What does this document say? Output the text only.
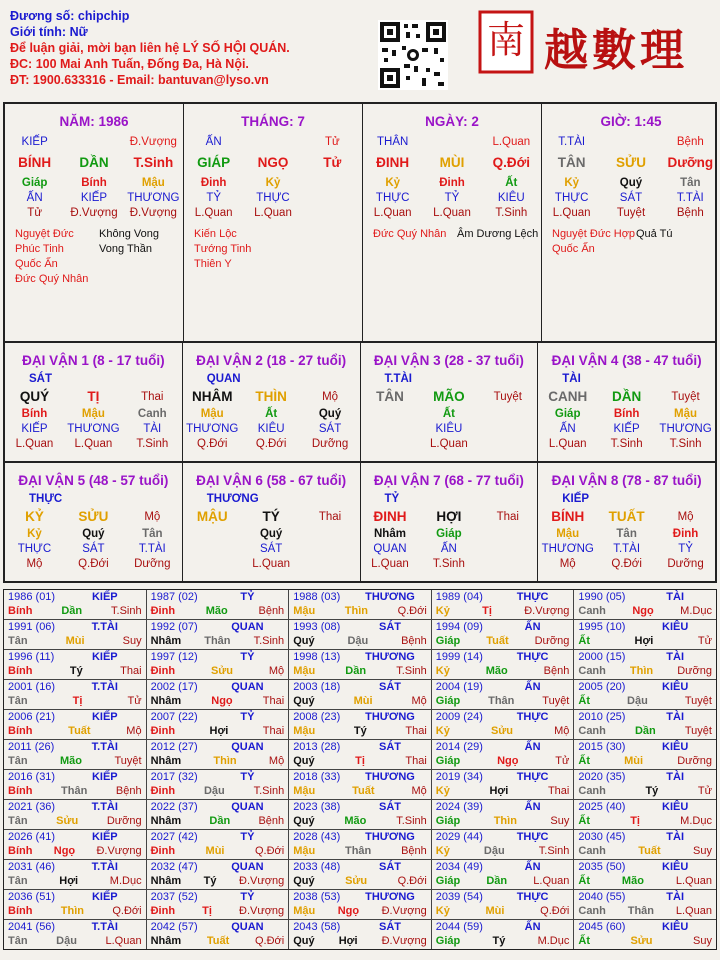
Đương số: chipchip
Giới tính: Nữ
Để luận giải, mời bạn liên hệ LÝ SỐ HỘI QUÁN.
ĐC: 100 Mai Anh Tuấn, Đống Đa, Hà Nội.
ĐT: 1900.633316 - Email: bantuvan@lyso.vn
南 越數理
NĂM: 1986
KIẾP	Đ.Vượng
BÍNH	DẦN	T.Sinh
Giáp	Bính	Mậu
ẤN	KIẾP	THƯƠNG
Tử	Đ.Vượng	Đ.Vượng
Nguyệt Đức	Không Vong
Phúc Tinh	Vong Thần
Quốc Ấn
Đức Quý Nhân
THÁNG: 7
ẤN	Tử
GIÁP	NGỌ	Tử
Đinh	Kỷ
TỶ	THỰC
L.Quan	L.Quan
Kiến Lộc
Tướng Tinh
Thiên Y
NGÀY: 2
THÂN	L.Quan
ĐINH	MÙI	Q.Đới
Kỷ	Đinh	Ất
THỰC	TỶ	KIÊU
L.Quan	L.Quan	T.Sinh
Đức Quý Nhân Âm Dương Lệch
GIỜ: 1:45
T.TÀI	Bệnh
TÂN	SỬU	Dưỡng
Kỷ	Quý	Tân
THỰC	SÁT	T.TÀI
L.Quan	Tuyệt	Bệnh
Nguyệt Đức Hợp Quả Tú
Quốc Ấn
ĐẠI VẬN 1 (8 - 17 tuổi)
SÁT
QUÝ	TỊ	Thai
Bính	Mậu	Canh
KIẾP	THƯƠNG	TÀI
L.Quan	L.Quan	T.Sinh
ĐẠI VẬN 2 (18 - 27 tuổi)
QUAN
NHÂM	THÌN	Mộ
Mậu	Ất	Quý
THƯƠNG	KIÊU	SÁT
Q.Đới	Q.Đới	Dưỡng
ĐẠI VẬN 3 (28 - 37 tuổi)
T.TÀI
TÂN	MÃO	Tuyệt
Ất
KIÊU
L.Quan
ĐẠI VẬN 4 (38 - 47 tuổi)
TÀI
CANH	DẦN	Tuyệt
Giáp	Bính	Mậu
ẤN	KIẾP	THƯƠNG
L.Quan	T.Sinh	T.Sinh
ĐẠI VẬN 5 (48 - 57 tuổi)
THỰC
KỶ	SỬU	Mộ
Kỷ	Quý	Tân
THỰC	SÁT	T.TÀI
Mộ	Q.Đới	Dưỡng
ĐẠI VẬN 6 (58 - 67 tuổi)
THƯƠNG
MẬU	TÝ	Thai
Quý
SÁT
L.Quan
ĐẠI VẬN 7 (68 - 77 tuổi)
TỶ
ĐINH	HỢI	Thai
Nhâm	Giáp
QUAN	ẤN
L.Quan	T.Sinh
ĐẠI VẬN 8 (78 - 87 tuổi)
KIẾP
BÍNH	TUẤT	Mộ
Mậu	Tân	Đinh
THƯƠNG	T.TÀI	TỶ
Mộ	Q.Đới	Dưỡng
1986 (01)	KIẾP
Bính	Dần	T.Sinh
1987 (02)	TỶ
Đinh	Mão	Bệnh
1988 (03)	THƯƠNG
Mậu	Thìn	Q.Đới
1989 (04)	THỰC
Kỷ	Tị	Đ.Vượng
1990 (05)	TÀI
Canh Ngọ M.Dục
1991 (06)	T.TÀI
Tân	Mùi	Suy
1992 (07)	QUAN
Nhâm Thân T.Sinh
1993 (08)	SÁT
Quý	Dậu	Bệnh
1994 (09)	ẤN
Giáp Tuất Dưỡng
1995 (10)	KIÊU
Ất	Hợi	Tử
1996 (11)	KIẾP
Bính	Tý	Thai
1997 (12)	TỶ
Đinh	Sửu	Mộ
1998 (13)	THƯƠNG
Mậu	Dần	T.Sinh
1999 (14)	THỰC
Kỷ	Mão	Bệnh
2000 (15)	TÀI
Canh Thìn Dưỡng
2001 (16)	T.TÀI
Tân	Tị	Tử
2002 (17)	QUAN
Nhâm	Ngọ	Thai
2003 (18)	SÁT
Quý	Mùi	Mộ
2004 (19)	ẤN
Giáp	Thân	Tuyệt
2005 (20)	KIÊU
Ất	Dậu	Tuyệt
2006 (21)	KIẾP
Bính	Tuất	Mộ
2007 (22)	TỶ
Đinh	Hợi	Thai
2008 (23)	THƯƠNG
Mậu	Tý	Thai
2009 (24)	THỰC
Kỷ	Sửu	Mộ
2010 (25)	TÀI
Canh	Dần	Tuyệt
2011 (26)	T.TÀI
Tân	Mão	Tuyệt
2012 (27)	QUAN
Nhâm	Thìn	Mộ
2013 (28)	SÁT
Quý	Tị	Thai
2014 (29)	ẤN
Giáp	Ngọ	Tử
2015 (30)	KIÊU
Ất	Mùi	Dưỡng
2016 (31)	KIẾP
Bính	Thân	Bệnh
2017 (32)	TỶ
Đinh	Dậu	T.Sinh
2018 (33)	THƯƠNG
Mậu	Tuất	Mộ
2019 (34)	THỰC
Kỷ	Hợi	Thai
2020 (35)	TÀI
Canh	Tý	Tử
2021 (36)	T.TÀI
Tân	Sửu	Dưỡng
2022 (37)	QUAN
Nhâm	Dần	Bệnh
2023 (38)	SÁT
Quý	Mão	T.Sinh
2024 (39)	ẤN
Giáp	Thìn	Suy
2025 (40)	KIÊU
Ất	Tị	M.Dục
2026 (41)	KIẾP
Bính Ngọ Đ.Vượng
2027 (42)	TỶ
Đinh	Mùi	Q.Đới
2028 (43)	THƯƠNG
Mậu	Thân	Bệnh
2029 (44)	THỰC
Kỷ	Dậu	T.Sinh
2030 (45)	TÀI
Canh	Tuất	Suy
2031 (46)	T.TÀI
Tân	Hợi	M.Dục
2032 (47)	QUAN
Nhâm Tý Đ.Vượng
2033 (48)	SÁT
Quý	Sửu	Q.Đới
2034 (49)	ẤN
Giáp Dần L.Quan
2035 (50)	KIÊU
Ất	Mão	L.Quan
2036 (51)	KIẾP
Bính	Thìn	Q.Đới
2037 (52)	TỶ
Đinh Tị Đ.Vượng
2038 (53)	THƯƠNG
Mậu Ngọ Đ.Vượng
2039 (54)	THỰC
Kỷ	Mùi	Q.Đới
2040 (55)	TÀI
Canh Thân L.Quan
2041 (56)	T.TÀI
Tân	Dậu	L.Quan
2042 (57)	QUAN
Nhâm Tuất Q.Đới
2043 (58)	SÁT
Quý Hợi Đ.Vượng
2044 (59)	ẤN
Giáp	Tý	M.Dục
2045 (60)	KIÊU
Ất	Sửu	Suy
